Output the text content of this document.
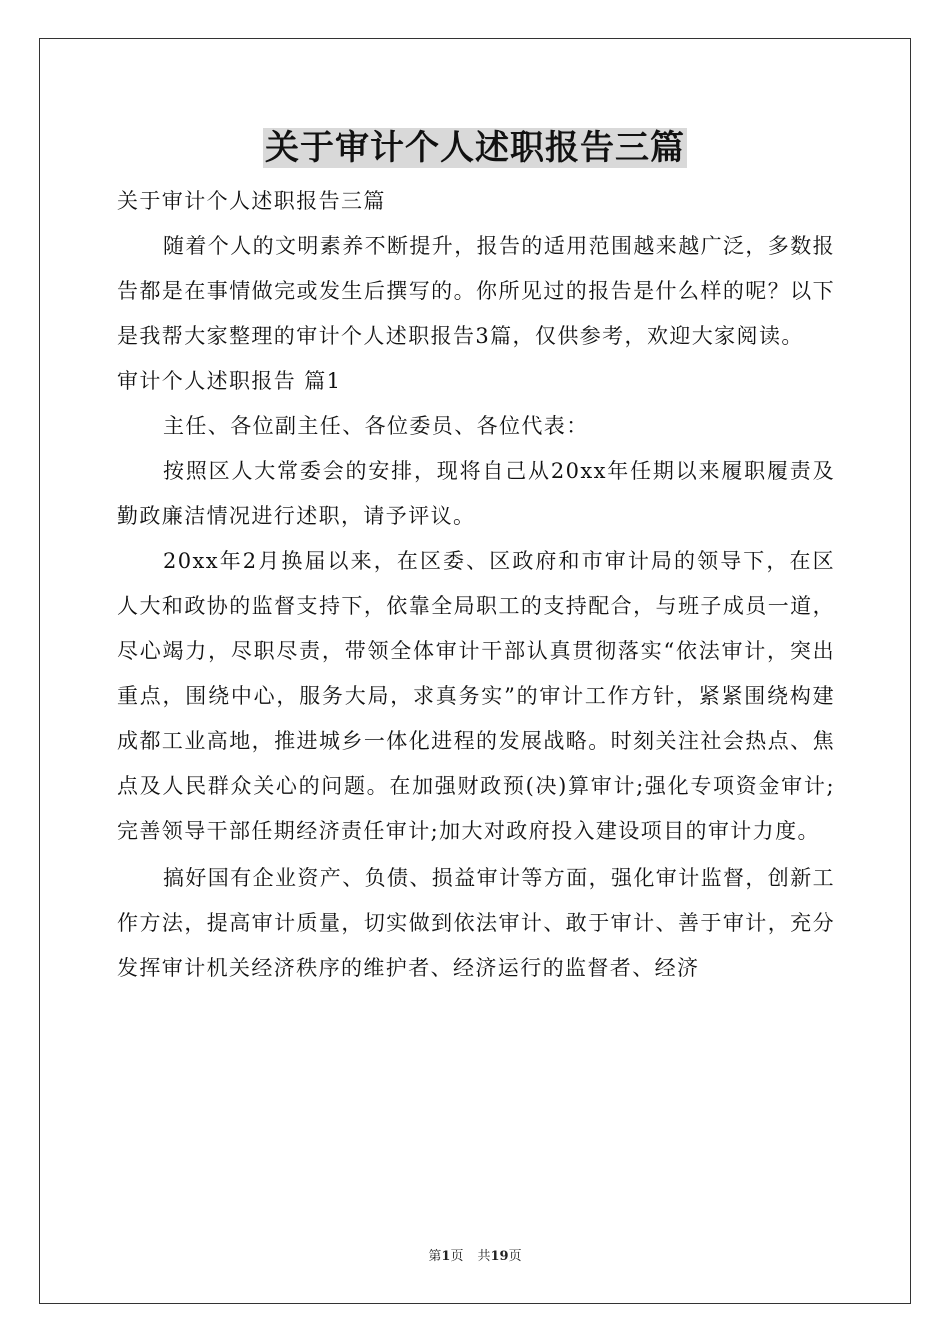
关于审计个人述职报告三篇

关于审计个人述职报告三篇

随着个人的文明素养不断提升，报告的适用范围越来越广泛，多数报告都是在事情做完或发生后撰写的。你所见过的报告是什么样的呢？以下是我帮大家整理的审计个人述职报告3篇，仅供参考，欢迎大家阅读。

审计个人述职报告 篇1

主任、各位副主任、各位委员、各位代表：

按照区人大常委会的安排，现将自己从20xx年任期以来履职履责及勤政廉洁情况进行述职，请予评议。

20xx年2月换届以来，在区委、区政府和市审计局的领导下，在区人大和政协的监督支持下，依靠全局职工的支持配合，与班子成员一道，尽心竭力，尽职尽责，带领全体审计干部认真贯彻落实“依法审计，突出重点，围绕中心，服务大局，求真务实”的审计工作方针，紧紧围绕构建成都工业高地，推进城乡一体化进程的发展战略。时刻关注社会热点、焦点及人民群众关心的问题。在加强财政预(决)算审计;强化专项资金审计;完善领导干部任期经济责任审计;加大对政府投入建设项目的审计力度。

搞好国有企业资产、负债、损益审计等方面，强化审计监督，创新工作方法，提高审计质量，切实做到依法审计、敢于审计、善于审计，充分发挥审计机关经济秩序的维护者、经济运行的监督者、经济

第1页 共19页
